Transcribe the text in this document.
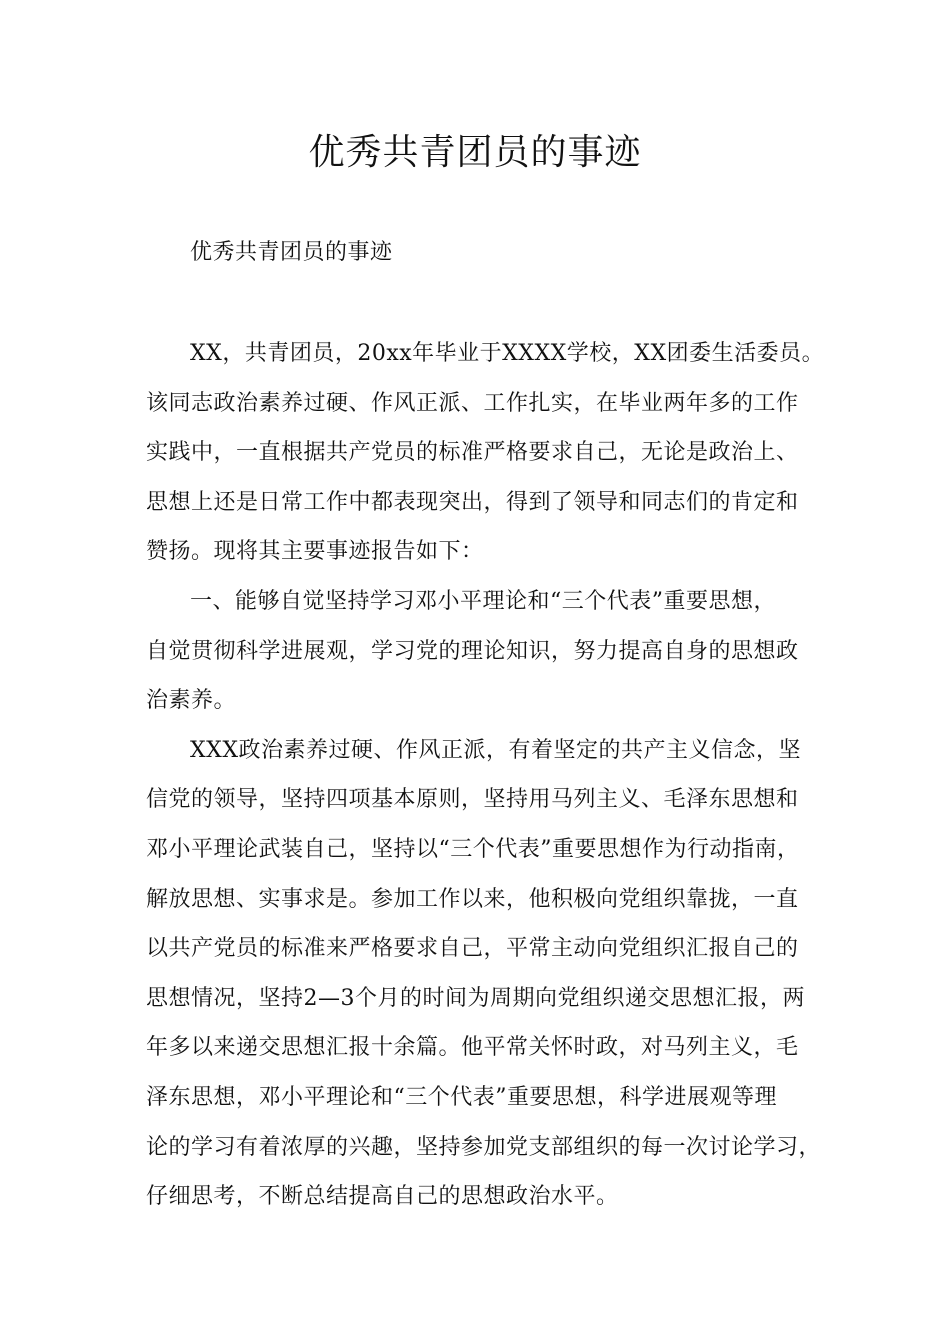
优秀共青团员的事迹
优秀共青团员的事迹
XX，共青团员，20xx年毕业于XXXX学校，XX团委生活委员。
该同志政治素养过硬、作风正派、工作扎实，在毕业两年多的工作
实践中，一直根据共产党员的标准严格要求自己，无论是政治上、
思想上还是日常工作中都表现突出，得到了领导和同志们的肯定和
赞扬。现将其主要事迹报告如下：
一、能够自觉坚持学习邓小平理论和“三个代表”重要思想，
自觉贯彻科学进展观，学习党的理论知识，努力提高自身的思想政
治素养。
XXX政治素养过硬、作风正派，有着坚定的共产主义信念，坚
信党的领导，坚持四项基本原则，坚持用马列主义、毛泽东思想和
邓小平理论武装自己，坚持以“三个代表”重要思想作为行动指南，
解放思想、实事求是。参加工作以来，他积极向党组织靠拢，一直
以共产党员的标准来严格要求自己，平常主动向党组织汇报自己的
思想情况，坚持2—3个月的时间为周期向党组织递交思想汇报，两
年多以来递交思想汇报十余篇。他平常关怀时政，对马列主义，毛
泽东思想，邓小平理论和“三个代表”重要思想，科学进展观等理
论的学习有着浓厚的兴趣，坚持参加党支部组织的每一次讨论学习，
仔细思考，不断总结提高自己的思想政治水平。
